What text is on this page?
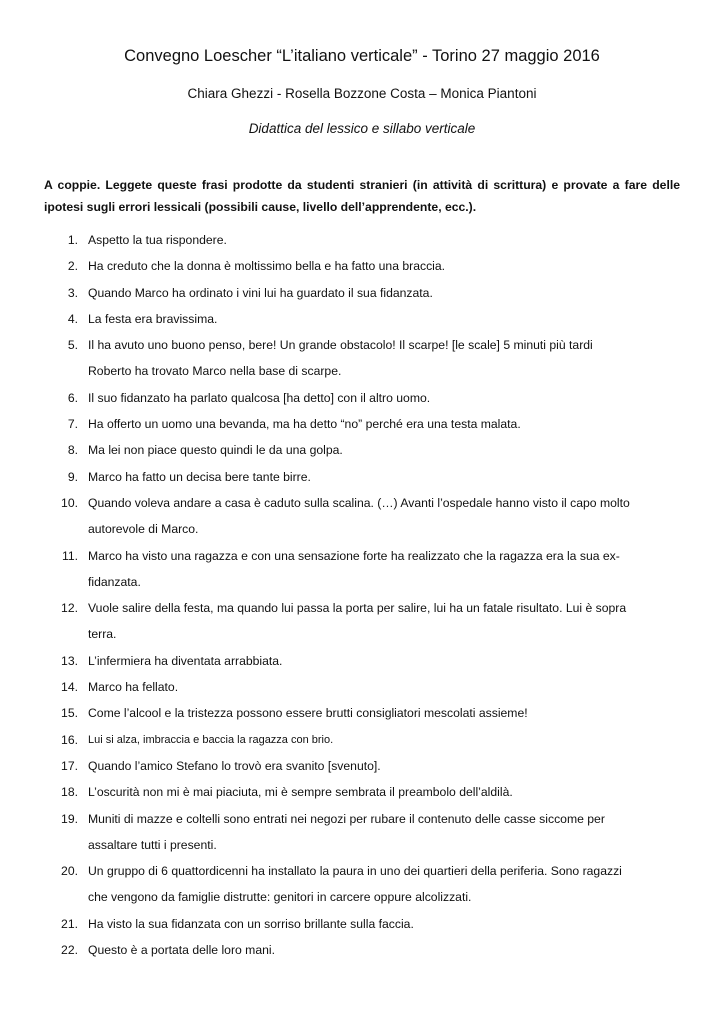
Convegno Loescher “L’italiano verticale” - Torino 27 maggio 2016
Chiara Ghezzi - Rosella Bozzone Costa – Monica Piantoni
Didattica del lessico e sillabo verticale

A coppie. Leggete queste frasi prodotte da studenti stranieri (in attività di scrittura) e provate a fare delle ipotesi sugli errori lessicali (possibili cause, livello dell’apprendente, ecc.).

1. Aspetto la tua rispondere.
2. Ha creduto che la donna è moltissimo bella e ha fatto una braccia.
3. Quando Marco ha ordinato i vini lui ha guardato il sua fidanzata.
4. La festa era bravissima.
5. Il ha avuto uno buono penso, bere! Un grande obstacolo! Il scarpe! [le scale] 5 minuti più tardi
Roberto ha trovato Marco nella base di scarpe.
6. Il suo fidanzato ha parlato qualcosa [ha detto] con il altro uomo.
7. Ha offerto un uomo una bevanda, ma ha detto “no” perché era una testa malata.
8. Ma lei non piace questo quindi le da una golpa.
9. Marco ha fatto un decisa bere tante birre.
10. Quando voleva andare a casa è caduto sulla scalina. (…) Avanti l’ospedale hanno visto il capo molto
autorevole di Marco.
11. Marco ha visto una ragazza e con una sensazione forte ha realizzato che la ragazza era la sua ex-
fidanzata.
12. Vuole salire della festa, ma quando lui passa la porta per salire, lui ha un fatale risultato. Lui è sopra
terra.
13. L’infermiera ha diventata arrabbiata.
14. Marco ha fellato.
15. Come l’alcool e la tristezza possono essere brutti consigliatori mescolati assieme!
16. Lui si alza, imbraccia e baccia la ragazza con brio.
17. Quando l’amico Stefano lo trovò era svanito [svenuto].
18. L’oscurità non mi è mai piaciuta, mi è sempre sembrata il preambolo dell’aldilà.
19. Muniti di mazze e coltelli sono entrati nei negozi per rubare il contenuto delle casse siccome per
assaltare tutti i presenti.
20. Un gruppo di 6 quattordicenni ha installato la paura in uno dei quartieri della periferia. Sono ragazzi
che vengono da famiglie distrutte: genitori in carcere oppure alcolizzati.
21. Ha visto la sua fidanzata con un sorriso brillante sulla faccia.
22. Questo è a portata delle loro mani.
